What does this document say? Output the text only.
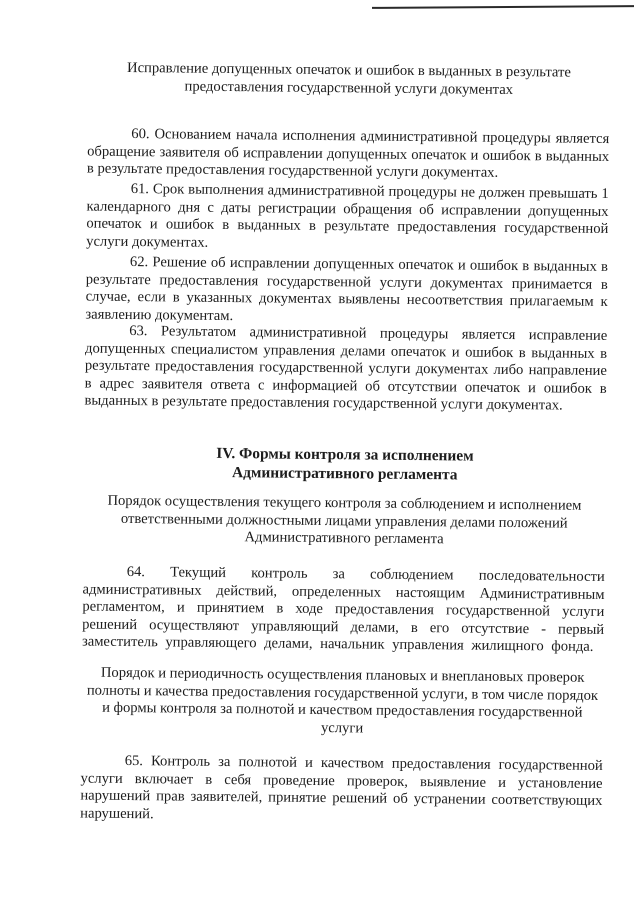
Исправление допущенных опечаток и ошибок в выданных в результате предоставления государственной услуги документах

60. Основанием начала исполнения административной процедуры является обращение заявителя об исправлении допущенных опечаток и ошибок в выданных в результате предоставления государственной услуги документах.

61. Срок выполнения административной процедуры не должен превышать 1 календарного дня с даты регистрации обращения об исправлении допущенных опечаток и ошибок в выданных в результате предоставления государственной услуги документах.

62. Решение об исправлении допущенных опечаток и ошибок в выданных в результате предоставления государственной услуги документах принимается в случае, если в указанных документах выявлены несоответствия прилагаемым к заявлению документам.

63. Результатом административной процедуры является исправление допущенных специалистом управления делами опечаток и ошибок в выданных в результате предоставления государственной услуги документах либо направление в адрес заявителя ответа с информацией об отсутствии опечаток и ошибок в выданных в результате предоставления государственной услуги документах.

IV. Формы контроля за исполнением
Административного регламента
Порядок осуществления текущего контроля за соблюдением и исполнением ответственными должностными лицами управления делами положений Административного регламента

64. Текущий контроль за соблюдением последовательности административных действий, определенных настоящим Административным регламентом, и принятием в ходе предоставления государственной услуги решений осуществляют управляющий делами, в его отсутствие - первый заместитель управляющего делами, начальник управления жилищного фонда.

Порядок и периодичность осуществления плановых и внеплановых проверок полноты и качества предоставления государственной услуги, в том числе порядок и формы контроля за полнотой и качеством предоставления государственной услуги

65. Контроль за полнотой и качеством предоставления государственной услуги включает в себя проведение проверок, выявление и установление нарушений прав заявителей, принятие решений об устранении соответствующих нарушений.
